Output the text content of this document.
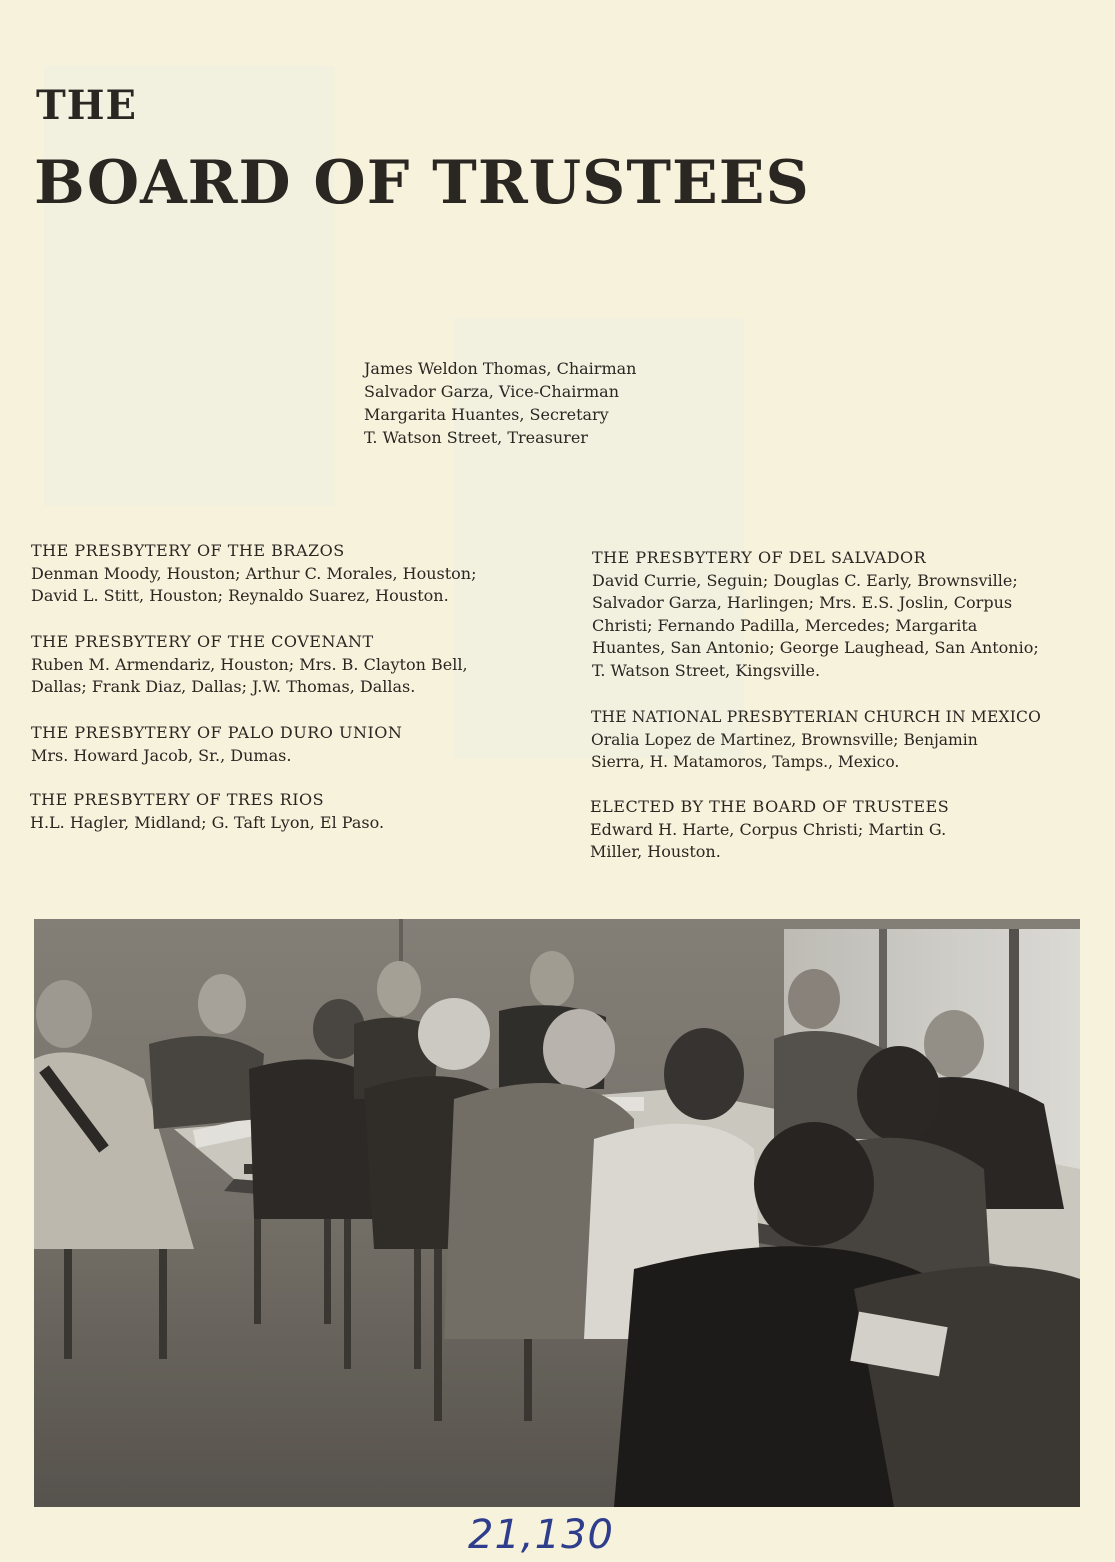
THE
BOARD OF TRUSTEES
James Weldon Thomas, Chairman
Salvador Garza, Vice-Chairman
Margarita Huantes, Secretary
T. Watson Street, Treasurer
THE PRESBYTERY OF THE BRAZOS
Denman Moody, Houston; Arthur C. Morales, Houston;
David L. Stitt, Houston; Reynaldo Suarez, Houston.
THE PRESBYTERY OF THE COVENANT
Ruben M. Armendariz, Houston; Mrs. B. Clayton Bell,
Dallas; Frank Diaz, Dallas; J.W. Thomas, Dallas.
THE PRESBYTERY OF PALO DURO UNION
Mrs. Howard Jacob, Sr., Dumas.
THE PRESBYTERY OF TRES RIOS
H.L. Hagler, Midland; G. Taft Lyon, El Paso.
THE PRESBYTERY OF DEL SALVADOR
David Currie, Seguin; Douglas C. Early, Brownsville;
Salvador Garza, Harlingen; Mrs. E.S. Joslin, Corpus
Christi; Fernando Padilla, Mercedes; Margarita
Huantes, San Antonio; George Laughead, San Antonio;
T. Watson Street, Kingsville.
THE NATIONAL PRESBYTERIAN CHURCH IN MEXICO
Oralia Lopez de Martinez, Brownsville; Benjamin
Sierra, H. Matamoros, Tamps., Mexico.
ELECTED BY THE BOARD OF TRUSTEES
Edward H. Harte, Corpus Christi; Martin G.
Miller, Houston.
21,130
